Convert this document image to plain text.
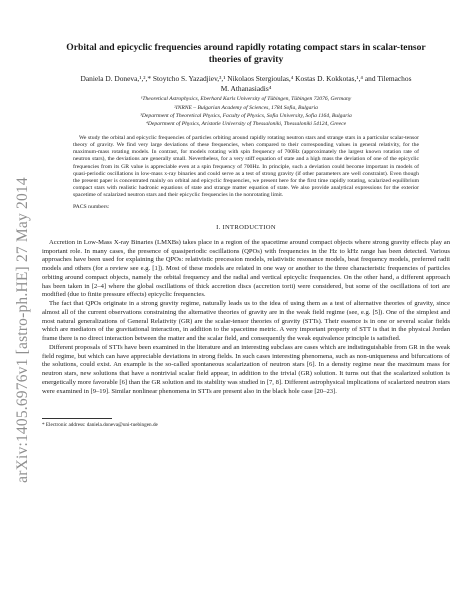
arXiv:1405.6976v1 [astro-ph.HE] 27 May 2014
Orbital and epicyclic frequencies around rapidly rotating compact stars in scalar-tensor theories of gravity
Daniela D. Doneva,¹,²,* Stoytcho S. Yazadjiev,³,¹ Nikolaos Stergioulas,⁴ Kostas D. Kokkotas,¹,⁴ and Tilemachos M. Athanasiadis⁴
¹Theoretical Astrophysics, Eberhard Karls University of Tübingen, Tübingen 72076, Germany
²INRNE – Bulgarian Academy of Sciences, 1784 Sofia, Bulgaria
³Department of Theoretical Physics, Faculty of Physics, Sofia University, Sofia 1164, Bulgaria
⁴Department of Physics, Aristotle University of Thessaloniki, Thessaloniki 54124, Greece
We study the orbital and epicyclic frequencies of particles orbiting around rapidly rotating neutron stars and strange stars in a particular scalar-tensor theory of gravity. We find very large deviations of these frequencies, when compared to their corresponding values in general relativity, for the maximum-mass rotating models. In contrast, for models rotating with spin frequency of 700Hz (approximately the largest known rotation rate of neutron stars), the deviations are generally small. Nevertheless, for a very stiff equation of state and a high mass the deviation of one of the epicyclic frequencies from its GR value is appreciable even at a spin frequency of 700Hz. In principle, such a deviation could become important in models of quasi-periodic oscillations in low-mass x-ray binaries and could serve as a test of strong gravity (if other parameters are well constraint). Even though the present paper is concentrated mainly on orbital and epicyclic frequencies, we present here for the first time rapidly rotating, scalarized equilibrium compact stars with realistic hadronic equations of state and strange matter equation of state. We also provide analytical expressions for the exterior spacetime of scalarized neutron stars and their epicyclic frequencies in the nonrotating limit.
PACS numbers:
I. INTRODUCTION

Accretion in Low-Mass X-ray Binaries (LMXBs) takes place in a region of the spacetime around compact objects where strong gravity effects play an important role. In many cases, the presence of quasiperiodic oscillations (QPOs) with frequencies in the Hz to kHz range has been detected. Various approaches have been used for explaining the QPOs: relativistic precession models, relativistic resonance models, beat frequency models, preferred radii models and others (for a review see e.g. [1]). Most of these models are related in one way or another to the three characteristic frequencies of particles orbiting around compact objects, namely the orbital frequency and the radial and vertical epicyclic frequencies. On the other hand, a different approach has been taken in [2–4] where the global oscillations of thick accretion discs (accretion torii) were considered, but some of the oscillations of tori are modified (due to finite pressure effects) epicyclic frequencies.

The fact that QPOs originate in a strong gravity regime, naturally leads us to the idea of using them as a test of alternative theories of gravity, since almost all of the current observations constraining the alternative theories of gravity are in the weak field regime (see, e.g. [5]). One of the simplest and most natural generalizations of General Relativity (GR) are the scalar-tensor theories of gravity (STTs). Their essence is in one or several scalar fields which are mediators of the gravitational interaction, in addition to the spacetime metric. A very important property of STT is that in the physical Jordan frame there is no direct interaction between the matter and the scalar field, and consequently the weak equivalence principle is satisfied.

Different proposals of STTs have been examined in the literature and an interesting subclass are cases which are indistinguishable from GR in the weak field regime, but which can have appreciable deviations in strong fields. In such cases interesting phenomena, such as non-uniqueness and bifurcations of the solutions, could exist. An example is the so-called spontaneous scalarization of neutron stars [6]. In a density regime near the maximum mass for neutron stars, new solutions that have a nontrivial scalar field appear, in addition to the trivial (GR) solution. It turns out that the scalarized solution is energetically more favorable [6] than the GR solution and its stability was studied in [7, 8]. Different astrophysical implications of scalarized neutron stars were examined in [9–19]. Similar nonlinear phenomena in STTs are present also in the black hole case [20–23].

* Electronic address: daniela.doneva@uni-tuebingen.de
